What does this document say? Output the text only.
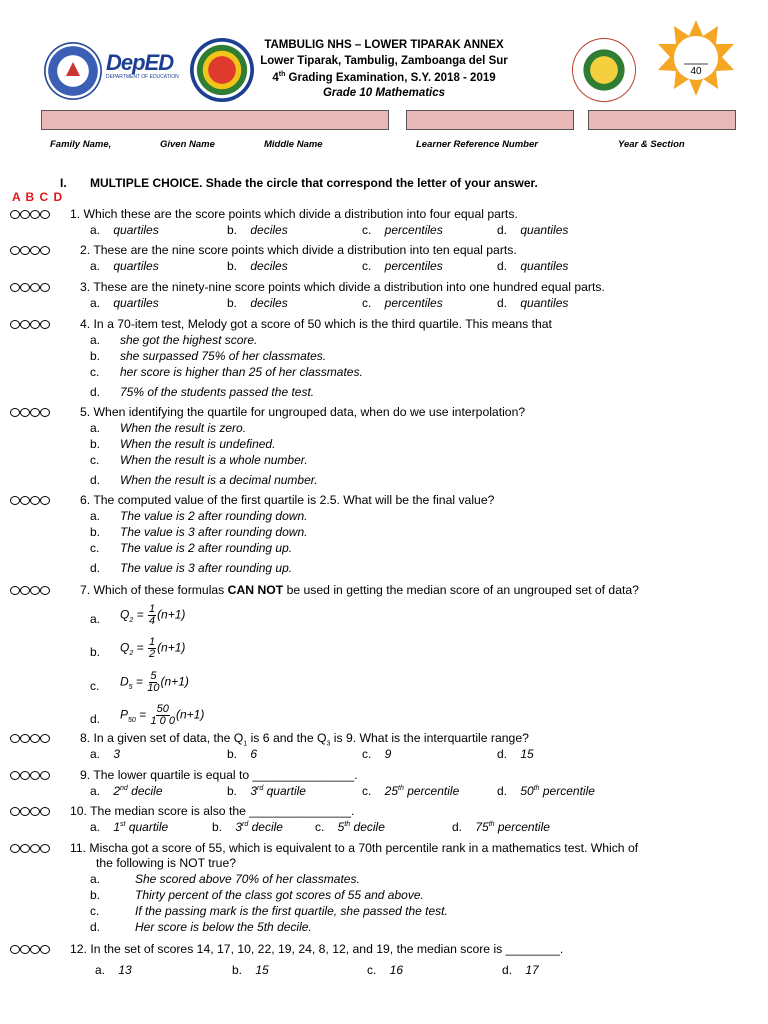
DepED
DEPARTMENT OF EDUCATION
TAMBULIG NHS – LOWER TIPARAK ANNEX
Lower Tiparak, Tambulig, Zamboanga del Sur
4th Grading Examination, S.Y. 2018 - 2019
Grade 10 Mathematics
40
Family Name,	Given Name	Middle Name	Learner Reference Number	Year & Section
I. MULTIPLE CHOICE. Shade the circle that correspond the letter of your answer.
A B C D
1. Which these are the score points which divide a distribution into four equal parts.
a.    quartiles	b.    deciles	c.    percentiles	d.    quantiles
2. These are the nine score points which divide a distribution into ten equal parts.
a.    quartiles	b.    deciles	c.    percentiles	d.    quantiles
3. These are the ninety-nine score points which divide a distribution into one hundred equal parts.
a.    quartiles	b.    deciles	c.    percentiles	d.    quantiles
4. In a 70-item test, Melody got a score of 50 which is the third quartile. This means that
a. she got the highest score.
b. she surpassed 75% of her classmates.
c. her score is higher than 25 of her classmates.
d. 75% of the students passed the test.
5. When identifying the quartile for ungrouped data, when do we use interpolation?
a. When the result is zero.
b. When the result is undefined.
c. When the result is a whole number.
d. When the result is a decimal number.
6. The computed value of the first quartile is 2.5. What will be the final value?
a. The value is 2 after rounding down.
b. The value is 3 after rounding down.
c. The value is 2 after rounding up.
d. The value is 3 after rounding up.
7. Which of these formulas CAN NOT be used in getting the median score of an ungrouped set of data?
a. $Q_2 = \frac{1}{4} (n+1)$
b. $Q_2 = \frac{1}{2} (n+1)$
c. $D_5 = \frac{5}{10} (n+1)$
d. $P_{50} = \frac{50}{1 0 0} (n+1)$
8. In a given set of data, the $Q_1$ is 6 and the $Q_3$ is 9. What is the interquartile range?
a.    3	b.    6	c.    9	d.    15
9. The lower quartile is equal to _______________.
a.    2nd decile	b.    3rd quartile	c.    25th percentile	d.    50th percentile
10. The median score is also the _______________.
a.    1st quartile	b.    3rd decile	c.    5th decile	d.    75th percentile
11. Mischa got a score of 55, which is equivalent to a 70th percentile rank in a mathematics test. Which of
the following is NOT true?
a.	She scored above 70% of her classmates.
b.	Thirty percent of the class got scores of 55 and above.
c.	If the passing mark is the first quartile, she passed the test.
d.	Her score is below the 5th decile.
12. In the set of scores 14, 17, 10, 22, 19, 24, 8, 12, and 19, the median score is ________.
a.    13	b.    15	c.    16	d.    17
